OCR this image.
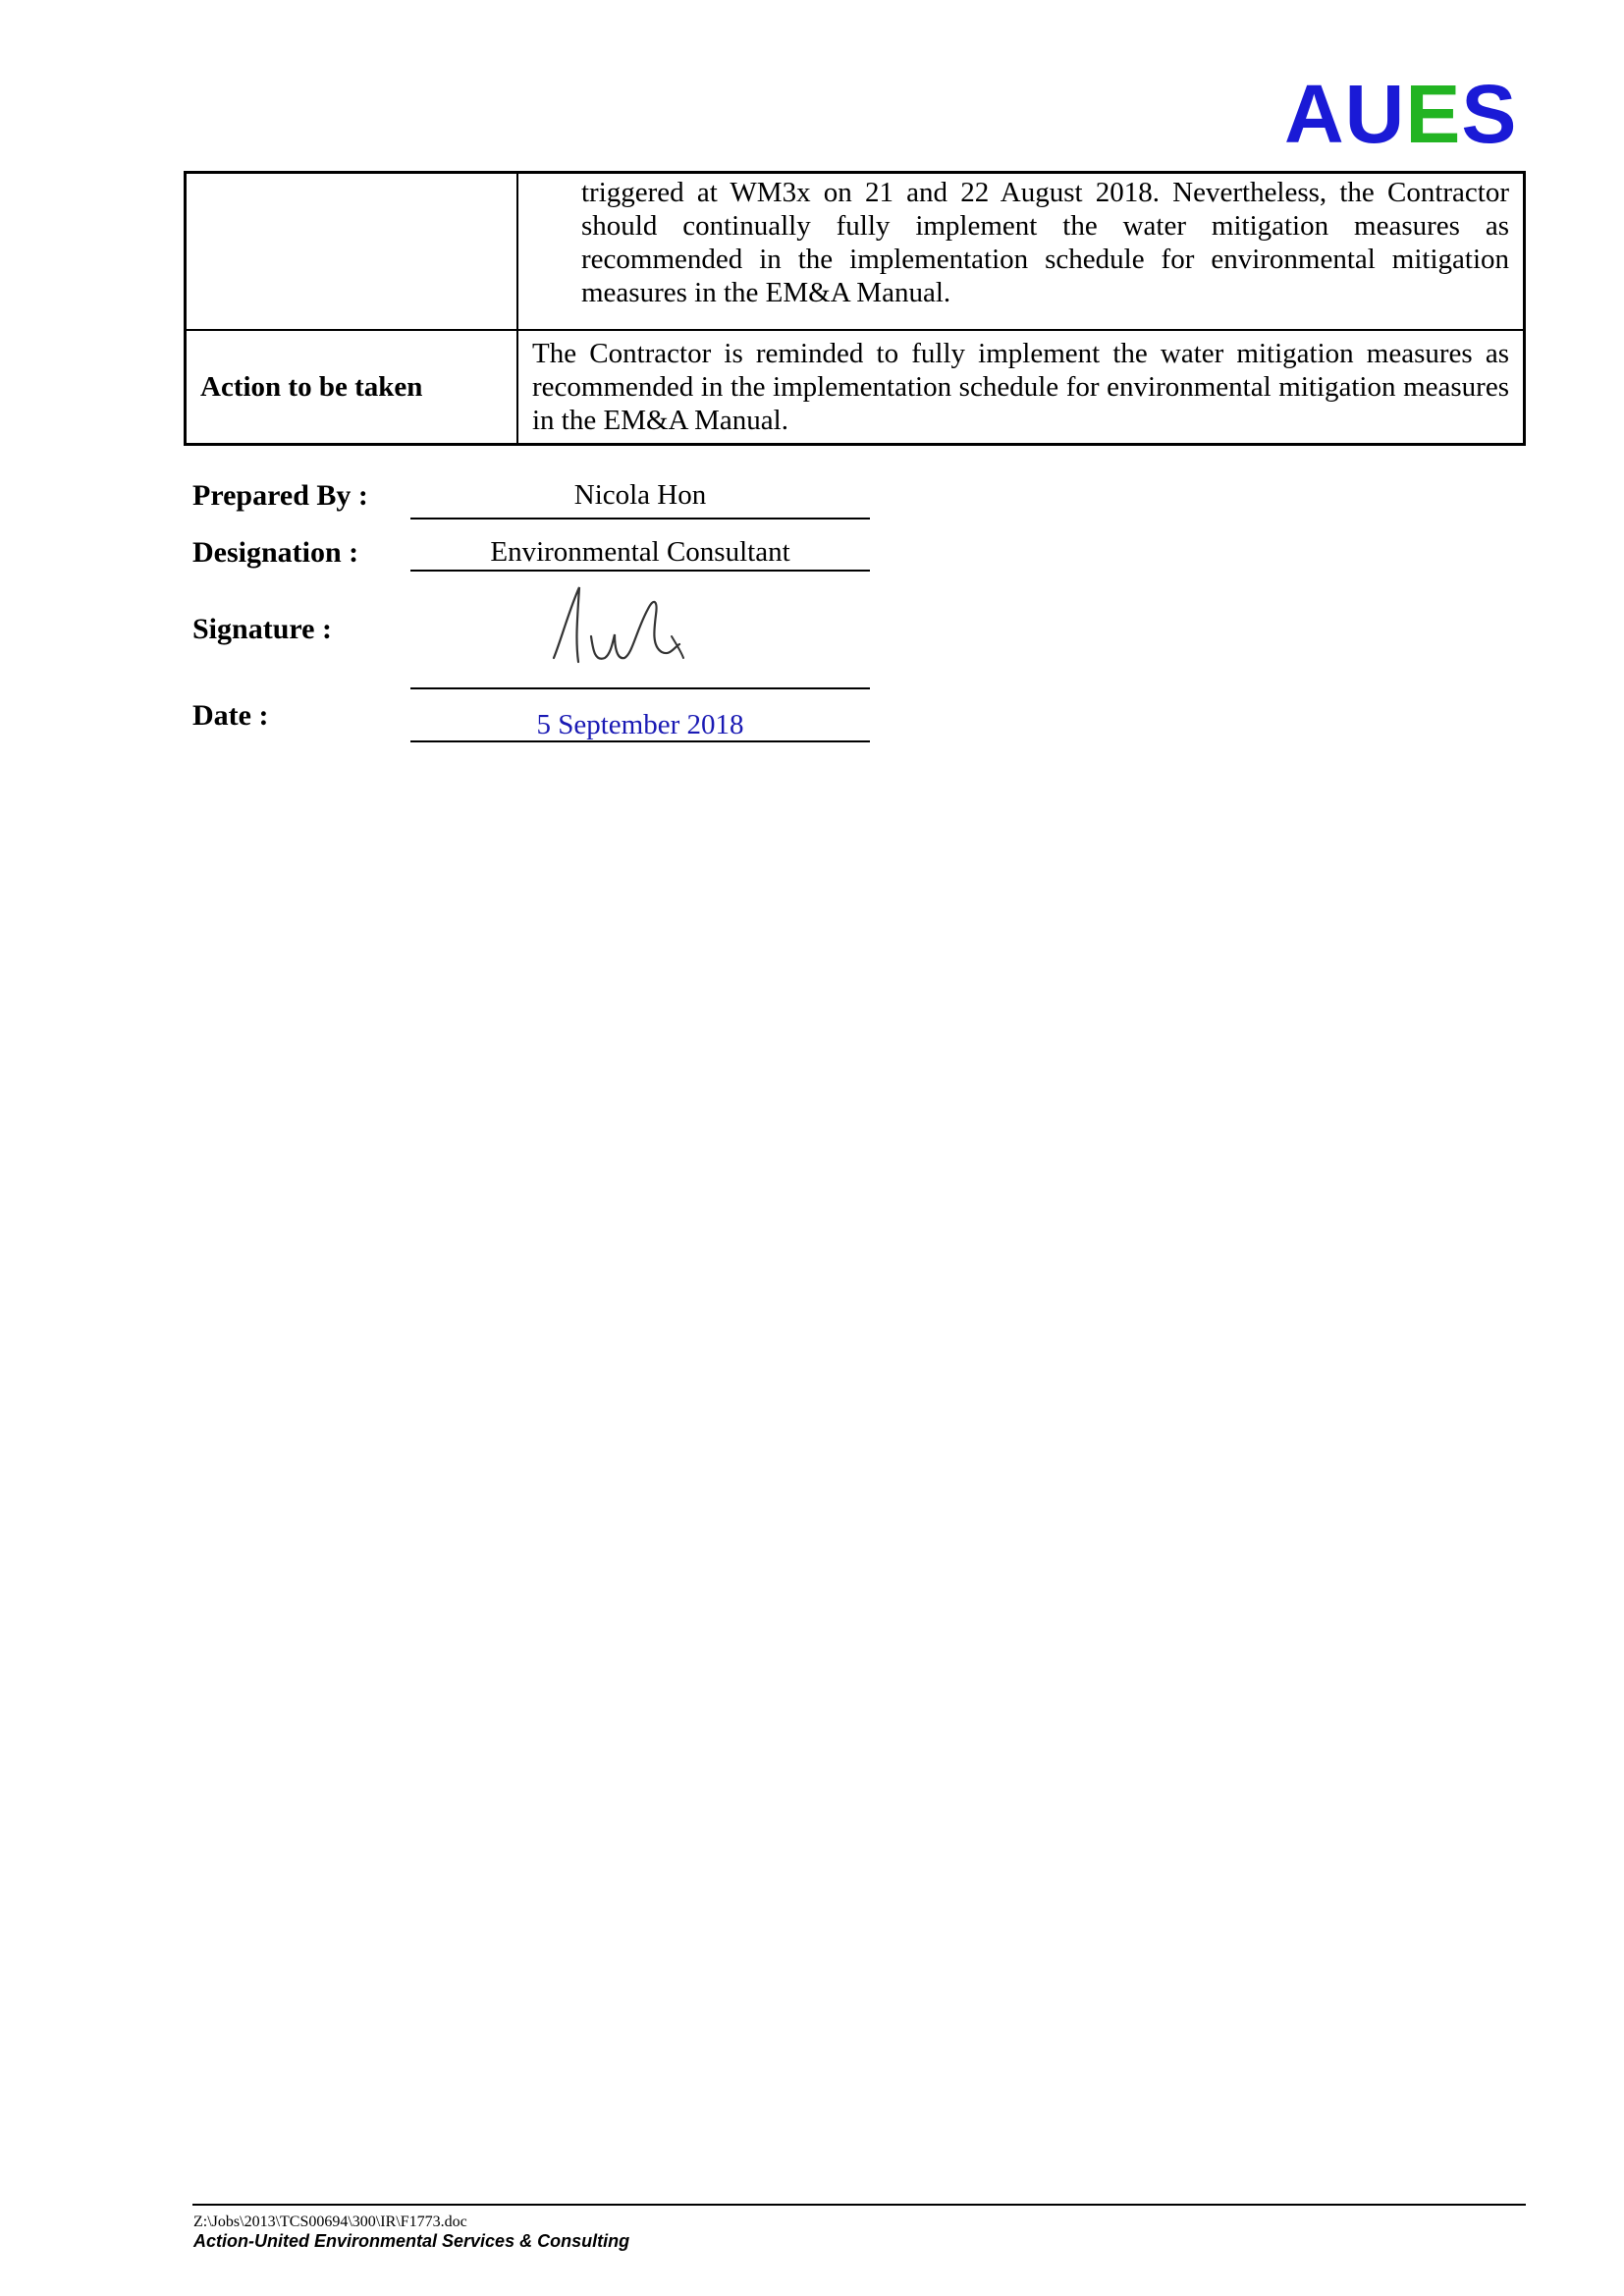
AUES
	triggered at WM3x on 21 and 22 August 2018. Nevertheless, the Contractor should continually fully implement the water mitigation measures as recommended in the implementation schedule for environmental mitigation measures in the EM&A Manual.
Action to be taken	The Contractor is reminded to fully implement the water mitigation measures as recommended in the implementation schedule for environmental mitigation measures in the EM&A Manual.
Prepared By :	Nicola Hon
Designation :	Environmental Consultant
Signature :
Date :	5 September 2018
Z:\Jobs\2013\TCS00694\300\IR\F1773.doc
Action-United Environmental Services & Consulting
